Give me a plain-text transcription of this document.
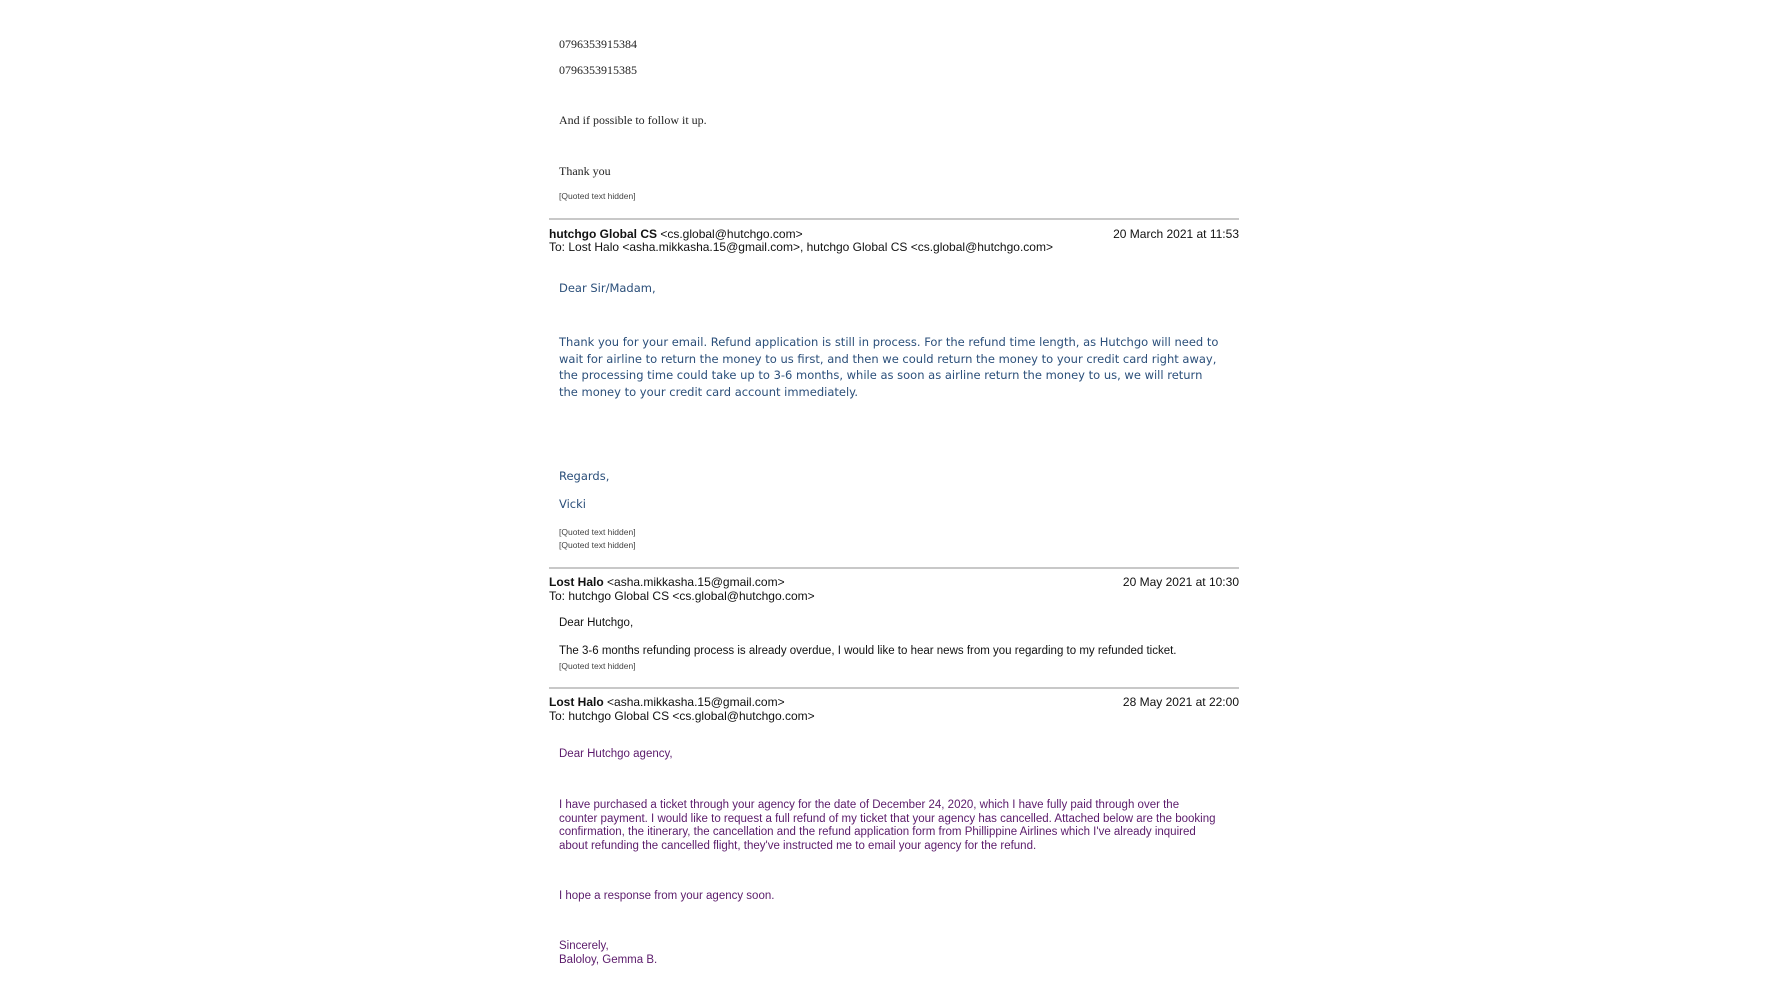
0796353915384
0796353915385
And if possible to follow it up.
Thank you
[Quoted text hidden]
hutchgo Global CS <cs.global@hutchgo.com>	20 March 2021 at 11:53
To: Lost Halo <asha.mikkasha.15@gmail.com>, hutchgo Global CS <cs.global@hutchgo.com>
Dear Sir/Madam,
Thank you for your email. Refund application is still in process. For the refund time length, as Hutchgo will need to wait for airline to return the money to us first, and then we could return the money to your credit card right away, the processing time could take up to 3-6 months, while as soon as airline return the money to us, we will return the money to your credit card account immediately.
Regards,
Vicki
[Quoted text hidden]
[Quoted text hidden]
Lost Halo <asha.mikkasha.15@gmail.com>	20 May 2021 at 10:30
To: hutchgo Global CS <cs.global@hutchgo.com>
Dear Hutchgo,
The 3-6 months refunding process is already overdue, I would like to hear news from you regarding to my refunded ticket.
[Quoted text hidden]
Lost Halo <asha.mikkasha.15@gmail.com>	28 May 2021 at 22:00
To: hutchgo Global CS <cs.global@hutchgo.com>
Dear Hutchgo agency,
I have purchased a ticket through your agency for the date of December 24, 2020, which I have fully paid through over the counter payment. I would like to request a full refund of my ticket that your agency has cancelled. Attached below are the booking confirmation, the itinerary, the cancellation and the refund application form from Phillippine Airlines which I've already inquired about refunding the cancelled flight, they've instructed me to email your agency for the refund.
I hope a response from your agency soon.
Sincerely,
Baloloy, Gemma B.
